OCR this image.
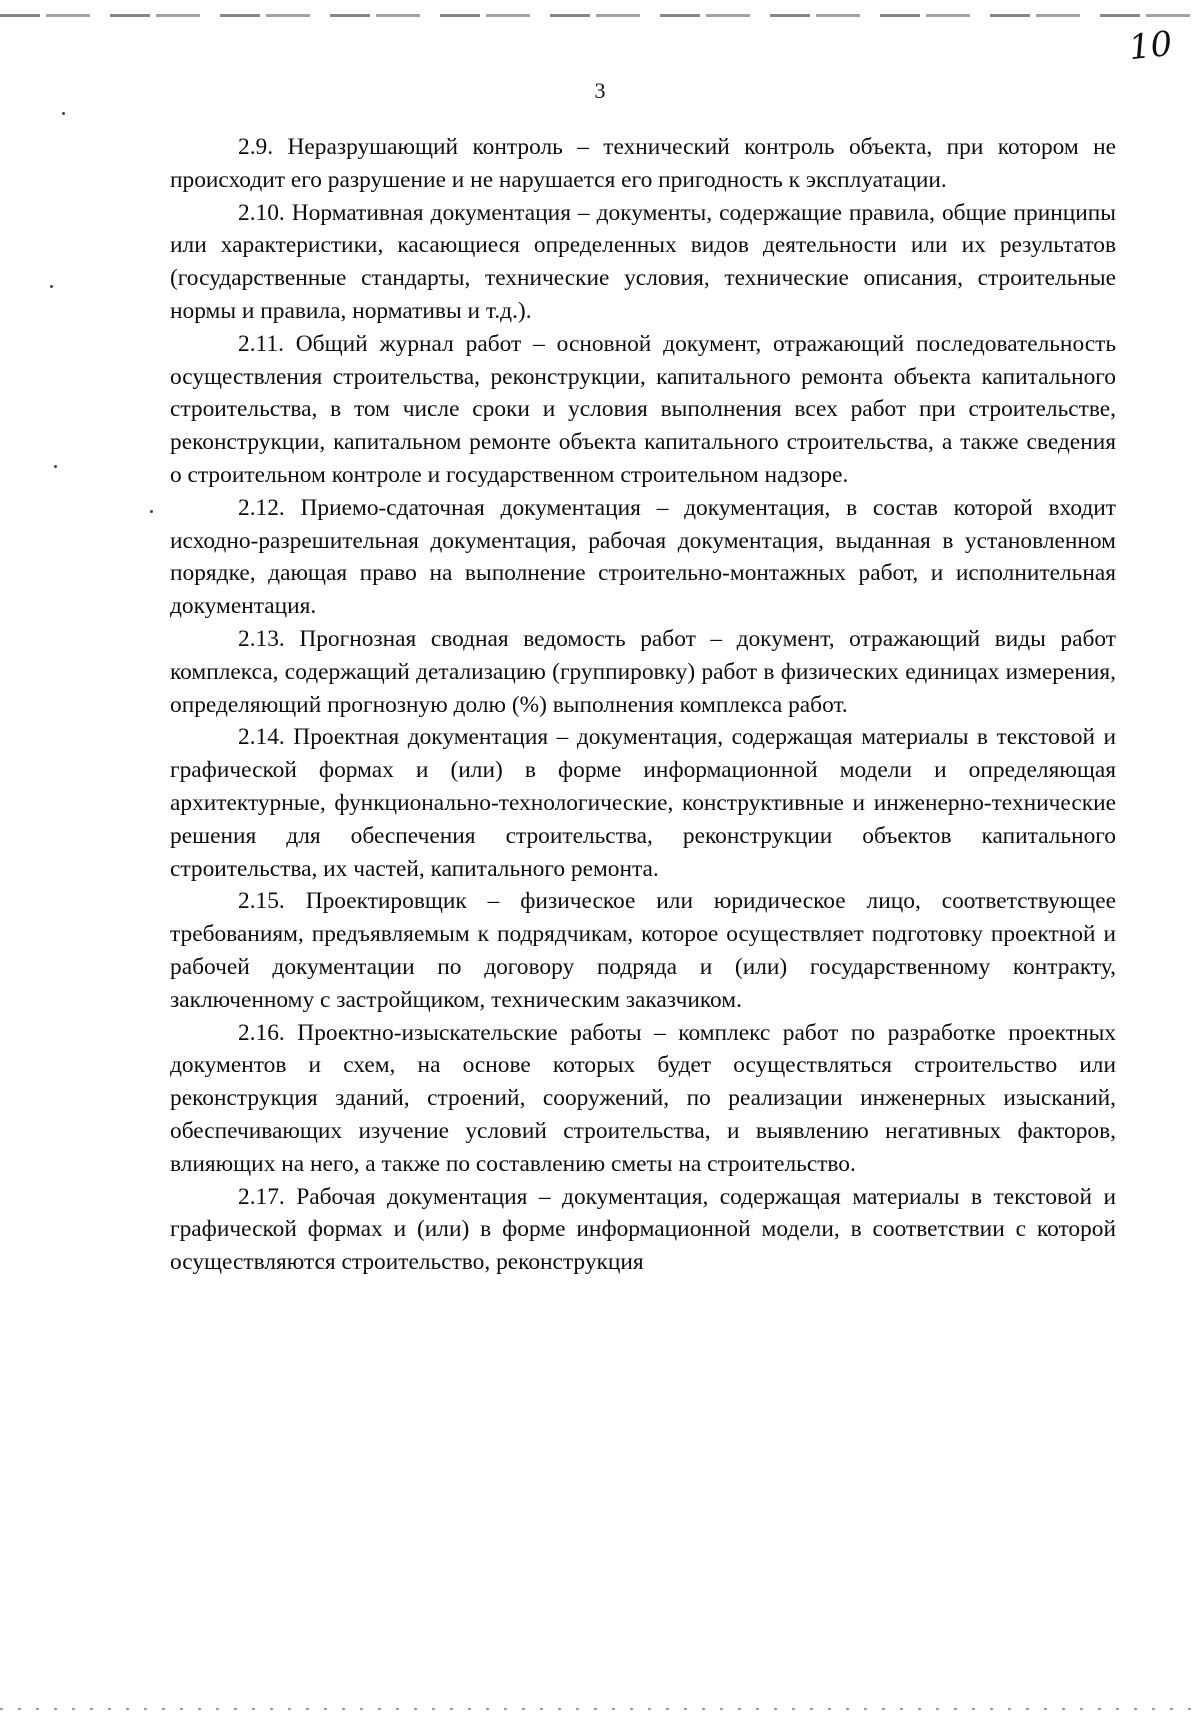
10
3

2.9. Неразрушающий контроль – технический контроль объекта, при котором не происходит его разрушение и не нарушается его пригодность к эксплуатации.

2.10. Нормативная документация – документы, содержащие правила, общие принципы или характеристики, касающиеся определенных видов деятельности или их результатов (государственные стандарты, технические условия, технические описания, строительные нормы и правила, нормативы и т.д.).

2.11. Общий журнал работ – основной документ, отражающий последовательность осуществления строительства, реконструкции, капитального ремонта объекта капитального строительства, в том числе сроки и условия выполнения всех работ при строительстве, реконструкции, капитальном ремонте объекта капитального строительства, а также сведения о строительном контроле и государственном строительном надзоре.

2.12. Приемо-сдаточная документация – документация, в состав которой входит исходно-разрешительная документация, рабочая документация, выданная в установленном порядке, дающая право на выполнение строительно-монтажных работ, и исполнительная документация.

2.13. Прогнозная сводная ведомость работ – документ, отражающий виды работ комплекса, содержащий детализацию (группировку) работ в физических единицах измерения, определяющий прогнозную долю (%) выполнения комплекса работ.

2.14. Проектная документация – документация, содержащая материалы в текстовой и графической формах и (или) в форме информационной модели и определяющая архитектурные, функционально-технологические, конструктивные и инженерно-технические решения для обеспечения строительства, реконструкции объектов капитального строительства, их частей, капитального ремонта.

2.15. Проектировщик – физическое или юридическое лицо, соответствующее требованиям, предъявляемым к подрядчикам, которое осуществляет подготовку проектной и рабочей документации по договору подряда и (или) государственному контракту, заключенному с застройщиком, техническим заказчиком.

2.16. Проектно-изыскательские работы – комплекс работ по разработке проектных документов и схем, на основе которых будет осуществляться строительство или реконструкция зданий, строений, сооружений, по реализации инженерных изысканий, обеспечивающих изучение условий строительства, и выявлению негативных факторов, влияющих на него, а также по составлению сметы на строительство.

2.17. Рабочая документация – документация, содержащая материалы в текстовой и графической формах и (или) в форме информационной модели, в соответствии с которой осуществляются строительство, реконструкция
